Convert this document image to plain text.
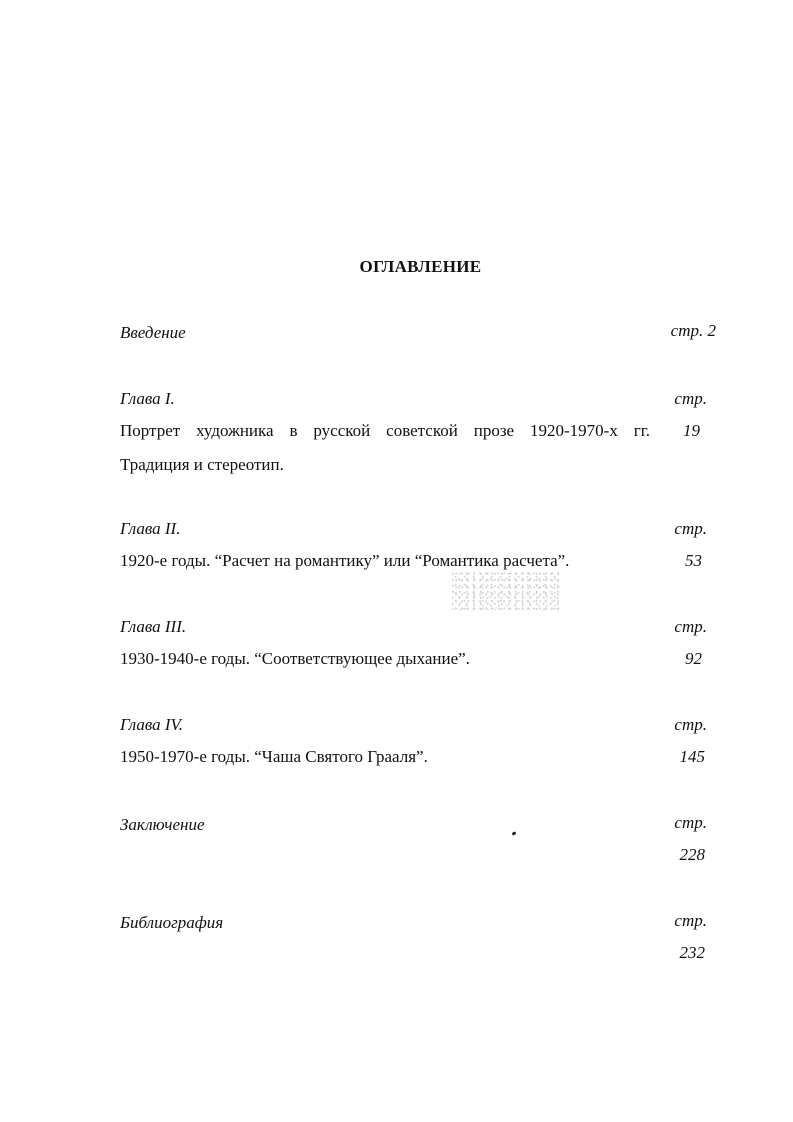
ОГЛАВЛЕНИЕ
Введение	стр. 2
Глава I.	стр.
Портрет художника в русской советской прозе 1920-1970-х гг. 19
Традиция и стереотип.
Глава II.	стр.
1920-е годы. “Расчет на романтику” или “Романтика расчета”.	53
Глава III.	стр.
1930-1940-е годы. “Соответствующее дыхание”.	92
Глава IV.	стр.
1950-1970-е годы. “Чаша Святого Грааля”.	145
Заключение	стр.
228
Библиография	стр.
232
